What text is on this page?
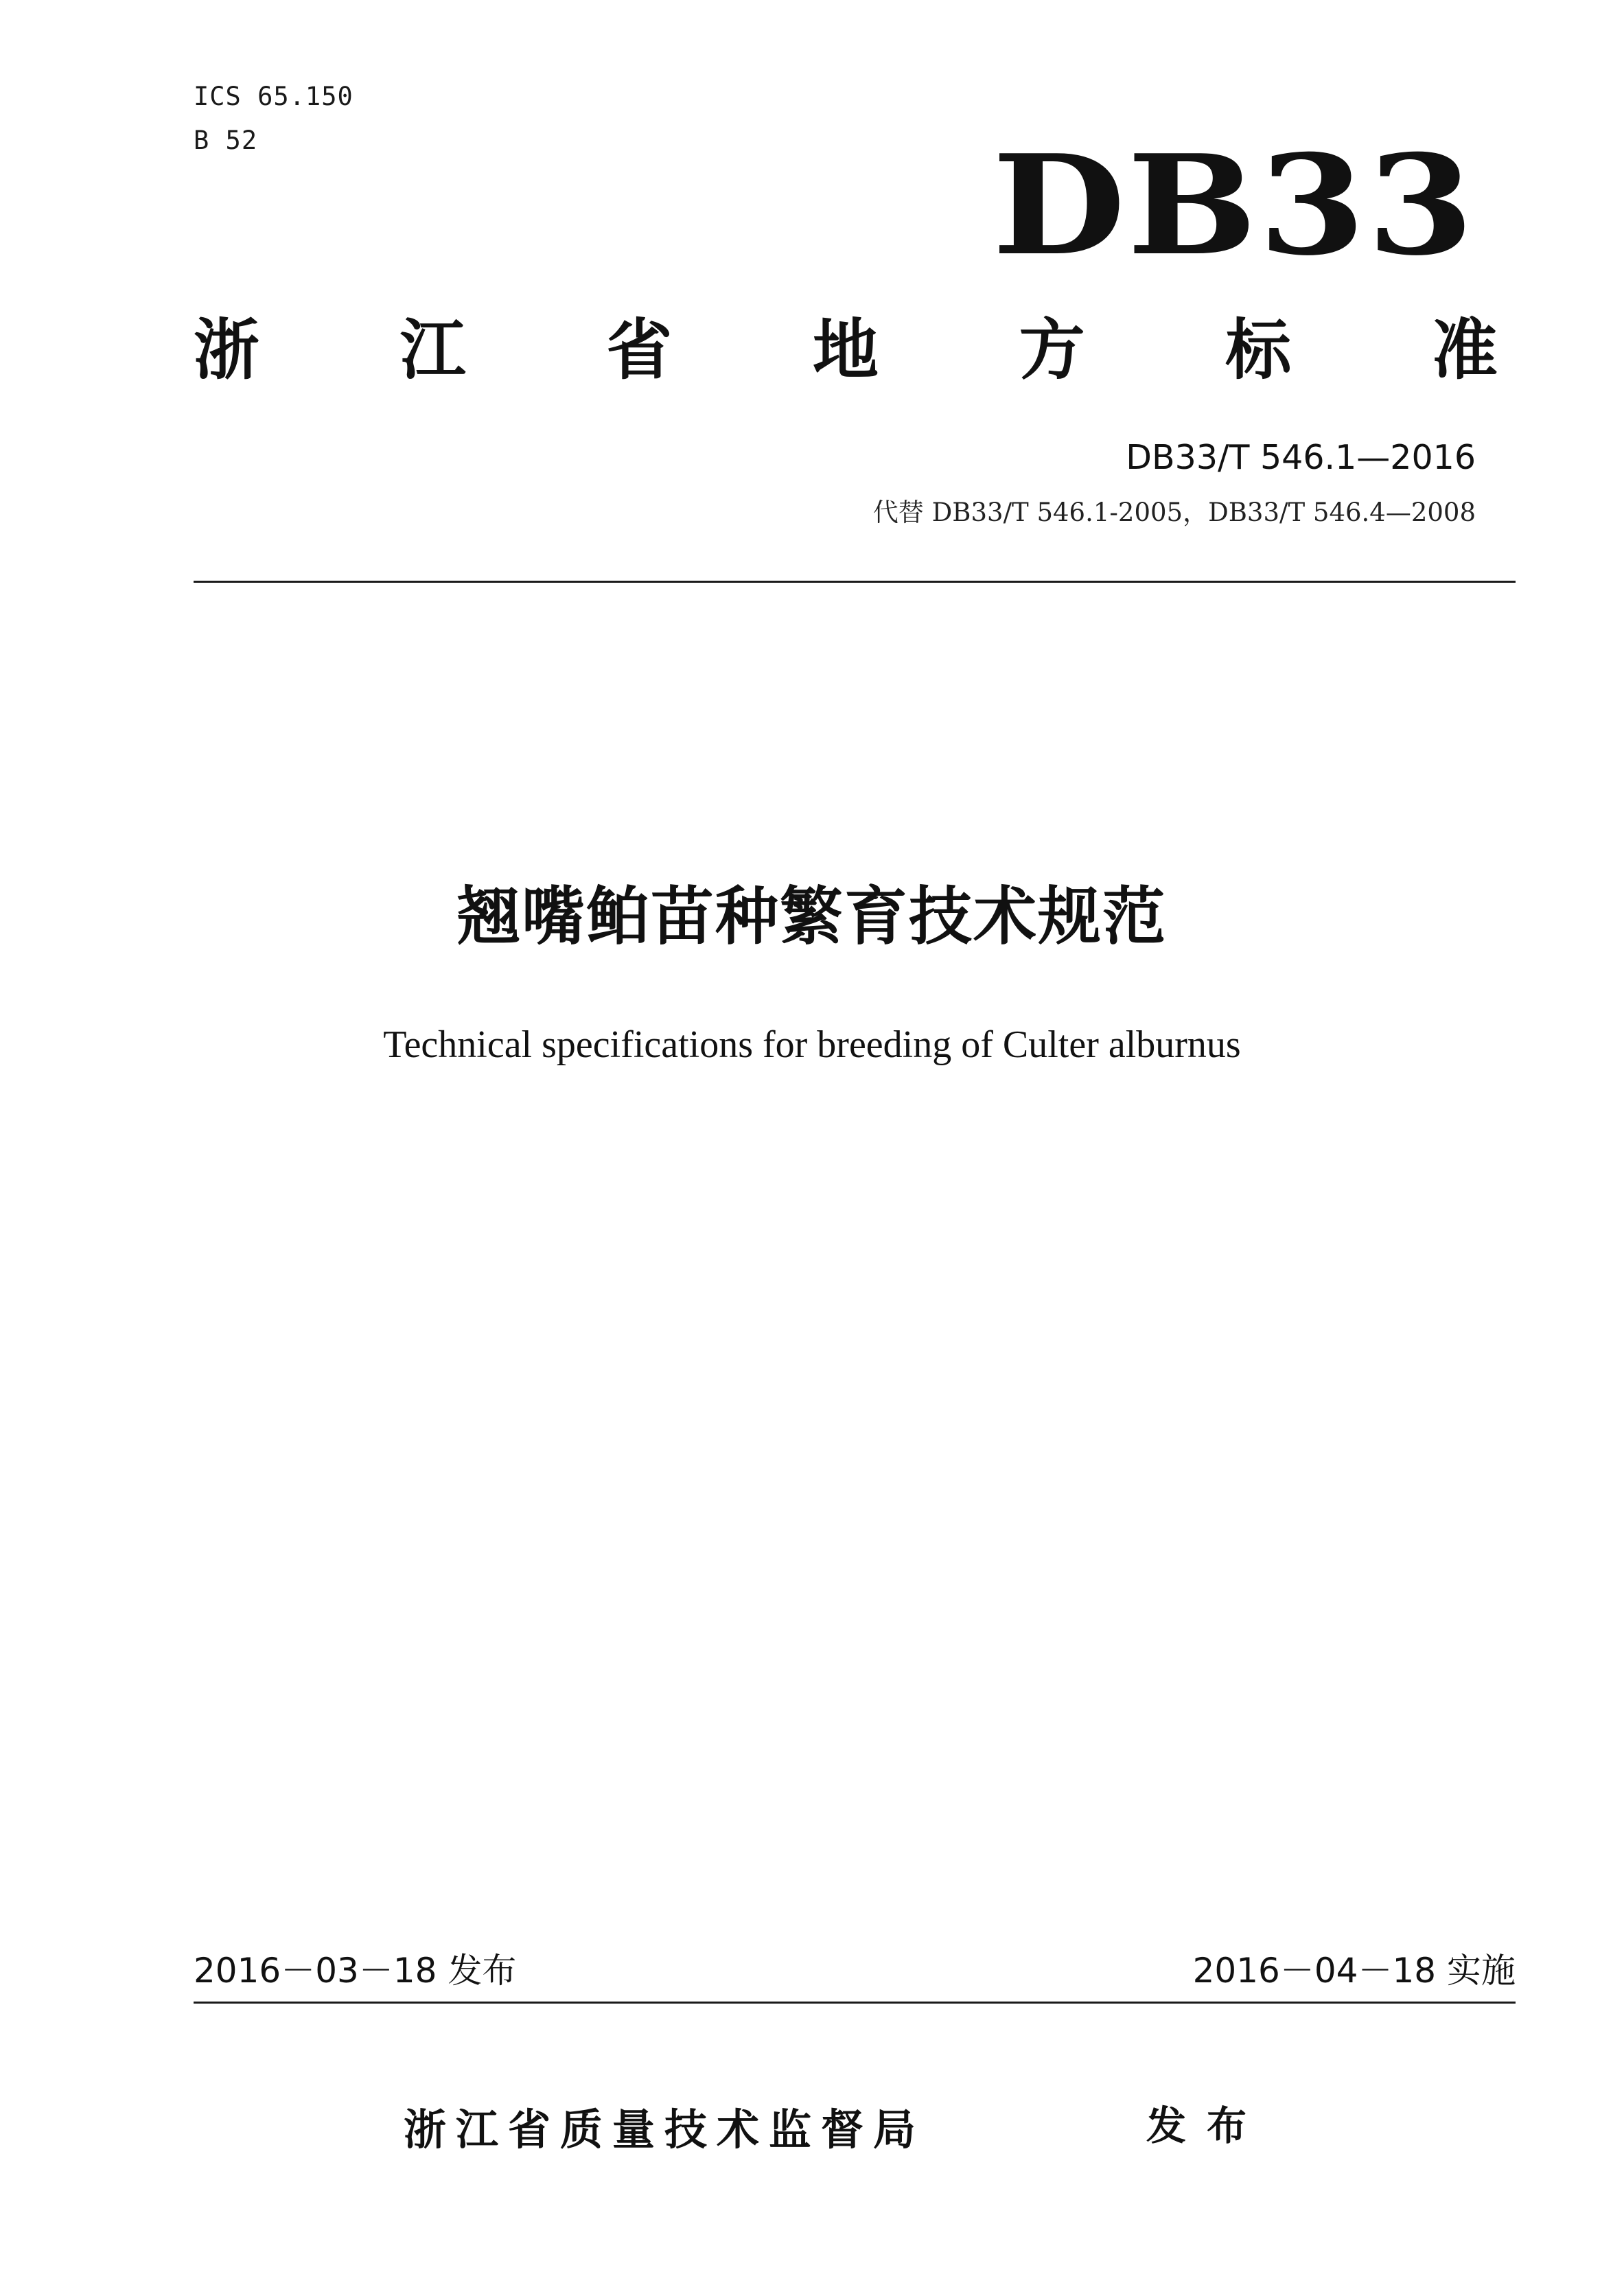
ICS 65.150
B 52	DB33
浙 江 省 地 方 标 准
DB33/T 546.1—2016
代替 DB33/T 546.1-2005，DB33/T 546.4—2008
翘嘴鲌苗种繁育技术规范
Technical specifications for breeding of Culter alburnus
2016－03－18 发布	2016－04－18 实施
浙江省质量技术监督局	发布
